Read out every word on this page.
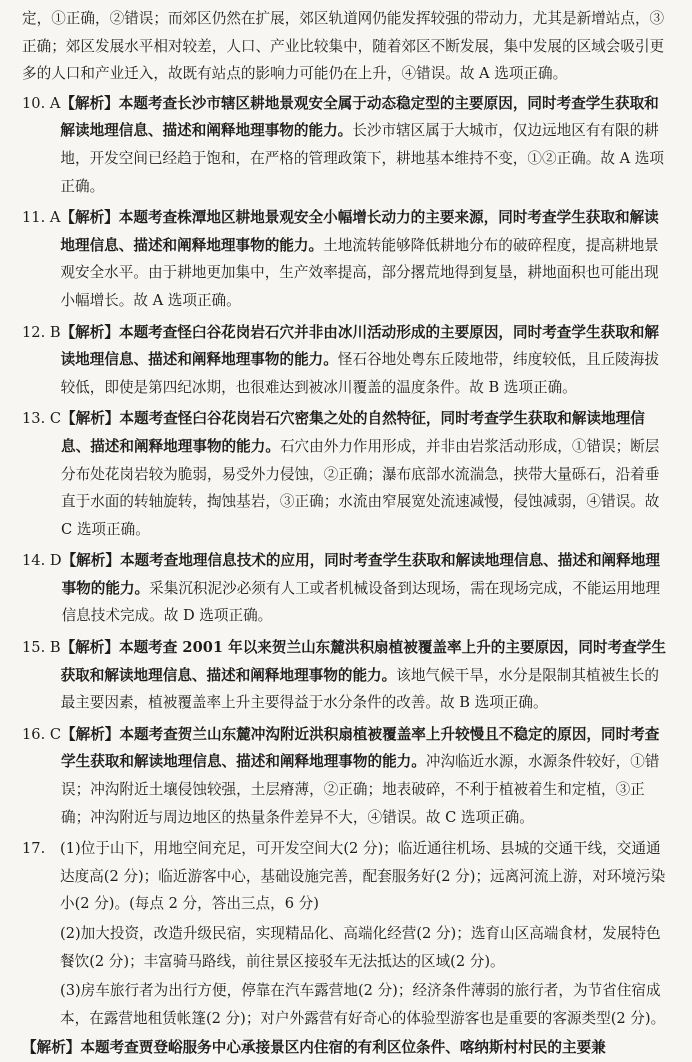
定，①正确，②错误；而郊区仍然在扩展，郊区轨道网仍能发挥较强的带动力，尤其是新增站点，③正确；郊区发展水平相对较差，人口、产业比较集中，随着郊区不断发展，集中发展的区域会吸引更多的人口和产业迁入，故既有站点的影响力可能仍在上升，④错误。故 A 选项正确。

10. A 【解析】本题考查长沙市辖区耕地景观安全属于动态稳定型的主要原因，同时考查学生获取和解读地理信息、描述和阐释地理事物的能力。长沙市辖区属于大城市，仅边远地区有有限的耕地，开发空间已经趋于饱和，在严格的管理政策下，耕地基本维持不变，①②正确。故 A 选项正确。
11. A 【解析】本题考查株潭地区耕地景观安全小幅增长动力的主要来源，同时考查学生获取和解读地理信息、描述和阐释地理事物的能力。土地流转能够降低耕地分布的破碎程度，提高耕地景观安全水平。由于耕地更加集中，生产效率提高，部分撂荒地得到复垦，耕地面积也可能出现小幅增长。故 A 选项正确。
12. B 【解析】本题考查怪臼谷花岗岩石穴并非由冰川活动形成的主要原因，同时考查学生获取和解读地理信息、描述和阐释地理事物的能力。怪石谷地处粤东丘陵地带，纬度较低，且丘陵海拔较低，即使是第四纪冰期，也很难达到被冰川覆盖的温度条件。故 B 选项正确。
13. C 【解析】本题考查怪臼谷花岗岩石穴密集之处的自然特征，同时考查学生获取和解读地理信息、描述和阐释地理事物的能力。石穴由外力作用形成，并非由岩浆活动形成，①错误；断层分布处花岗岩较为脆弱，易受外力侵蚀，②正确；瀑布底部水流湍急，挟带大量砾石，沿着垂直于水面的转轴旋转，掏蚀基岩，③正确；水流由窄展宽处流速减慢，侵蚀减弱，④错误。故 C 选项正确。
14. D 【解析】本题考查地理信息技术的应用，同时考查学生获取和解读地理信息、描述和阐释地理事物的能力。采集沉积泥沙必须有人工或者机械设备到达现场，需在现场完成，不能运用地理信息技术完成。故 D 选项正确。
15. B 【解析】本题考查 2001 年以来贺兰山东麓洪积扇植被覆盖率上升的主要原因，同时考查学生获取和解读地理信息、描述和阐释地理事物的能力。该地气候干旱，水分是限制其植被生长的最主要因素，植被覆盖率上升主要得益于水分条件的改善。故 B 选项正确。
16. C 【解析】本题考查贺兰山东麓冲沟附近洪积扇植被覆盖率上升较慢且不稳定的原因，同时考查学生获取和解读地理信息、描述和阐释地理事物的能力。冲沟临近水源，水源条件较好，①错误；冲沟附近土壤侵蚀较强，土层瘠薄，②正确；地表破碎，不利于植被着生和定植，③正确；冲沟附近与周边地区的热量条件差异不大，④错误。故 C 选项正确。
17.	(1)位于山下，用地空间充足，可开发空间大(2 分)；临近通往机场、县城的交通干线，交通通达度高(2 分)；临近游客中心，基础设施完善，配套服务好(2 分)；远离河流上游，对环境污染小(2 分)。(每点 2 分，答出三点，6 分)

(2)加大投资，改造升级民宿，实现精品化、高端化经营(2 分)；选育山区高端食材，发展特色餐饮(2 分)；丰富骑马路线，前往景区接驳车无法抵达的区域(2 分)。

(3)房车旅行者为出行方便，停靠在汽车露营地(2 分)；经济条件薄弱的旅行者，为节省住宿成本，在露营地租赁帐篷(2 分)；对户外露营有好奇心的体验型游客也是重要的客源类型(2 分)。

【解析】本题考查贾登峪服务中心承接景区内住宿的有利区位条件、喀纳斯村村民的主要兼
